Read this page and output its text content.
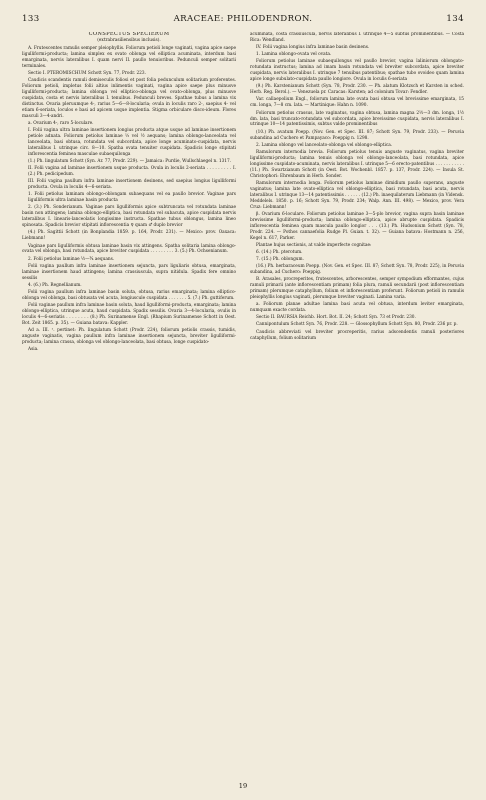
133	ARACEAE: PHILODENDRON.	134

CONSPECTUS SPECIERUM

(extrabrasiliensibus inclusis).

A. Frutescentes ramulis semper pleiophyllis. Foliorum petioli longe vaginati, vagina apice saepe ligulliformi-producta; lamina simplex ex ovato oblonga vel elliptica acuminata, interdum basi emarginata, nervis lateralibus I. quam nervi II. paullo tenuioribus. Pedunculi semper solitarii terminales.

Sectio I. PTEROMISCHUM Schott Syn. 77, Prodr. 223.

Caudicis scandentis ramuli demiseculis foliosi et post folia pedunculum solitarium proferentes. Foliorum petioli, impletus folii altius inlimentis vaginati, vagina apice saepe plus minusve ligulliformi-producta; lamina oblonga vel elliptico-oblonga vel ovato-oblonga, plus minusve cuspidata, costa et nervis lateralibus I. tenuibus. Pedunculi breves. Spathae tubus a lamina vix distinctus. Ovaria pleruumque 4-, rarius 5—6—8-locularia; ovula in loculis raro 2-, saepius 4- vel etiam 6-seriata, loculos e basi ad apicem usque implentia. Stigma orbiculare disco-ideum. Flores masculi 3—4-andri.

a. Ovarium 4-, raro 5-loculare.

I. Folii vagina ultra laminae insertionem longius producta atque usque ad laminae insertionem petiole adnata. Foliorum petiolus laminae ⅓ vel ½ aequans; lamina oblongo-lanceolata vel lanceolata, basi obtusa, rotundata vel subcordata, apice longe acuminato-cuspidata, nervis lateralibus I. utrinque circ. 8—10. Spatha ovata tenuiter cuspidata. Spadicis longe stipitati inflorescentia feminea masculae subaequilonga

(1.) Ph. lingulatum Schott (Syn. Ar. 77, Prodr. 229). — Jamaica: Purdie, Wullschlaegel n. 1317.

II. Folii vagina ad laminae insertionem usque producta. Ovula in loculis 2-seriata . . . . . . . . . I. (2.) Ph. pedicipedum.

III. Folii vagina paullum infra laminae insertionem desinens, sed saepius longius ligulliformi producta. Ovula in loculis 4—6-seriata.

1. Folii petiolus laminam oblongo-oblongam subaequans vel ea paullo brevior. Vaginae pars ligulliformis ultra laminae basin producta

2. (3.) Ph. Sonderianum. Vaginae pars ligulliformis apice subtruncata vel rotundata laminae basin non attingens; lamina oblongo-elliptica, basi rotundata vel subacuta, apice cuspidata nervis lateralibus I. linearis-lanceolatis longissime instructa. Spathae tubus oblongus, lamina lineo spinosata. Spadicis brevior stipitati inflorescentia ♀ quam ♂ duplo brevior

(4.) Ph. Sagittii Schott (in Bonplandia 1859. p. 164, Prodr. 231). — Mexico: prov. Oaxaca: Liebmann!

Vaginae pars ligulliformis obtusa laminae basin vix attingens. Spatha solitaria lamina oblongo-ovata vel oblonga, basi rotundata, apice breviter cuspidata . . . . . . . . . 3. (5.) Ph. Ochsenianum.

2. Folii petiolus laminae ½—¾ aequans.

Folii vagina paullum infra laminae insertionem sejuncta, pars liguliaris obtusa, emarginata, laminae insertionem haud attingens; lamina crassiuscula, supra nitidula. Spadix fere omnino sessilis

4. (6.) Ph. Regnellianum.

Folii vagina paullum infra laminae basin soluta, obtusa, rarius emarginata; lamina elliptico-oblonga vel oblonga, basi obtusata vel acuta, longiuscule cuspidata . . . . . . . 5. (7.) Ph. guttiferum.

Folii vaginae paullum infra laminae basin soluta, haud ligulliformi-producta, emarginata; lamina oblongo-elliptica, utrinque acuta, haud cuspidata. Spadix sessilis. Ovaria 3—4-locularia, ovulis in loculis 4—6-seriatis . . . . . . . . (8.) Ph. Surinamense Engl. (Rhapium Surinamense Schott in Oest. Bot. Zeit 1865. p. 35). — Guiana batava: Kappler.

Ad a. III. ¹. pertinet: Ph. lingulatum Schott (Prodr. 224), foliorum petiolis crassis, tumidis, anguste vaginatis, vagina paullum infra laminae insertionem sejuncta, breviter ligulliformi-producta; lamina crassa, oblonga vel oblongo-lanceolata, basi obtusa, longe cuspidato-

Asia.

acuminata, costa crassiuscula, nervis lateralibus I. utrinque 4—5 subtus prominentibus. — Costa Rica: Wendland.

IV. Folii vagina longius infra laminae basin desinens.

1. Lamina oblongo-ovata vel ovata.

Foliorum petiolus laminae subaequilongus vel paullo brevior, vagina laliniorum oblongato-rotundata instructus; lamina ad imam basin rotundata vel breviter subcordata, apice breviter cuspidata, nervis lateralibus I. utrinque 7 tenuibus patentibus; spathae tubo ovoideo quam lamina apice longe subulato-cuspidata paullo longiore. Ovula in loculis 6-seriata

(9.) Ph. Karstenianum Schott (Syn. 78, Prodr. 230. — Ph. alatum Klotzsch et Karsten in sched. Herb. Reg. Berol.). — Venezuela pr. Caracas: Karsten; ad colonium Tovar: Fendler.

Var. callaepolium Engl., foliorum lamina late ovata basi obtusa vel brevissime emarginata, 15 cm. longa, 7—8 cm. lata. — Martinique: Hahn n. 1090.

Foliorum petiolus crassus, late vaginatus, vagina obtusa, lamina magna 2½—3 dm. longa, 1½ dm. lata, basi truncato-rotundata vel subcordata, apice brevissime cuspidata, nervis lateralibus I. utrinque 10—14 patentissimis, subtus valde prominentibus

(10.) Ph. avatum Poepp. (Nov. Gen. et Spec. III. 87; Schott Syn. 79, Prodr. 233). — Peruvia subandina ad Cuchero et Pampayaco: Poeppig n. 1298.

2. Lamina oblongo vel lanceolato-oblonga vel oblongo-elliptica.

Ramulorum internodia brevia. Foliorum petiolus tenuis anguste vaginatus, vagina breviter ligulliformi-producta; lamina tenuis oblonga vel oblongo-lanceolata, basi rotundata, apice longissime cuspidato-acuminata, nervis lateralibus I. utrinque 5—6 erecto-patentibus . . . . . . . . . . . (11.) Ph. Swartzianum Schott (in Oest. Bot. Wochenbl. 1857. p. 137, Prodr. 224). — Insula St. Christophori: Ehrenbaum in Herb. Sonder.

Ramulorum internodia longa. Foliorum petiolus laminae dimidium paullo superans, anguste vaginatus; lamina late ovato-elliptica vel oblongo-elliptica, basi rotundata, basi acuta, nervis lateralibus I. utrinque 13—14 patentissimis . . . . . . (12.) Ph. inaequilaterum Liebmann (in Vidensk. Meddelels. 1850. p. 16; Schott Syn. 79, Prodr. 234; Walp. Ann. III. 498). — Mexico, prov. Vera Cruz: Liebmann!

β. Ovarium 6-loculare. Foliorum petiolus laminae 3—5-plo brevior, vagina supra basin laminae brevissime ligulliformi-producta; lamina oblongo-elliptica, apice abrupte cuspidata. Spadicis inflorescentia feminea quam mascula paullo longior . . . (13.) Ph. Hudsonium Schott (Syn. 78, Prodr. 224. — Pothos cannaefolia Rudge Pl. Guian. t. 32). — Guiana batava: Hostmann n. 256, Kegel n. 617, Parker.

Plantae hujus sectionis, at valde imperfecte cognitae:

6. (14.) Ph. pterotum.

7. (15.) Ph. oblongum.

(16.) Ph. herbaraceum Poepp. (Nov. Gen. et Spec. III. 87; Schott Syn. 78, Prodr. 225), in Peruvia subandina, ad Cuchero: Poeppig.

B. Arasales, procreperites, frutescentes, arborescentes, semper sympodium efformantes, cujus ramuli primarii (ante inflorescentiam primam) folia plura, ramuli secundarii (post inflorescentiam primam) plerumque cataphyllum, folium et inflorescentiam proferunt. Foliorum petioli in ramulis pleiophyllis longius vaginati, plerumque breviter vaginati. Lamina varia.

a. Foliorum planae adultae lamina basi acuta vel obtusa, interdum leviter emarginata, numquam exacte cordata.

Sectio II. BAURSIA Reichb. Hort. Bot. II. 24; Schott Syn. 73 et Prodr. 230.

Cannipontulum Schott Syn. 76, Prodr. 228. — Glossophyllum Schott Syn. 80, Prodr. 236 pr. p.

Caudicis abbreviati vel breviter procreperitis, rarius adscendentis ramuli posteriores cataphyllum, folium solitarium

19
